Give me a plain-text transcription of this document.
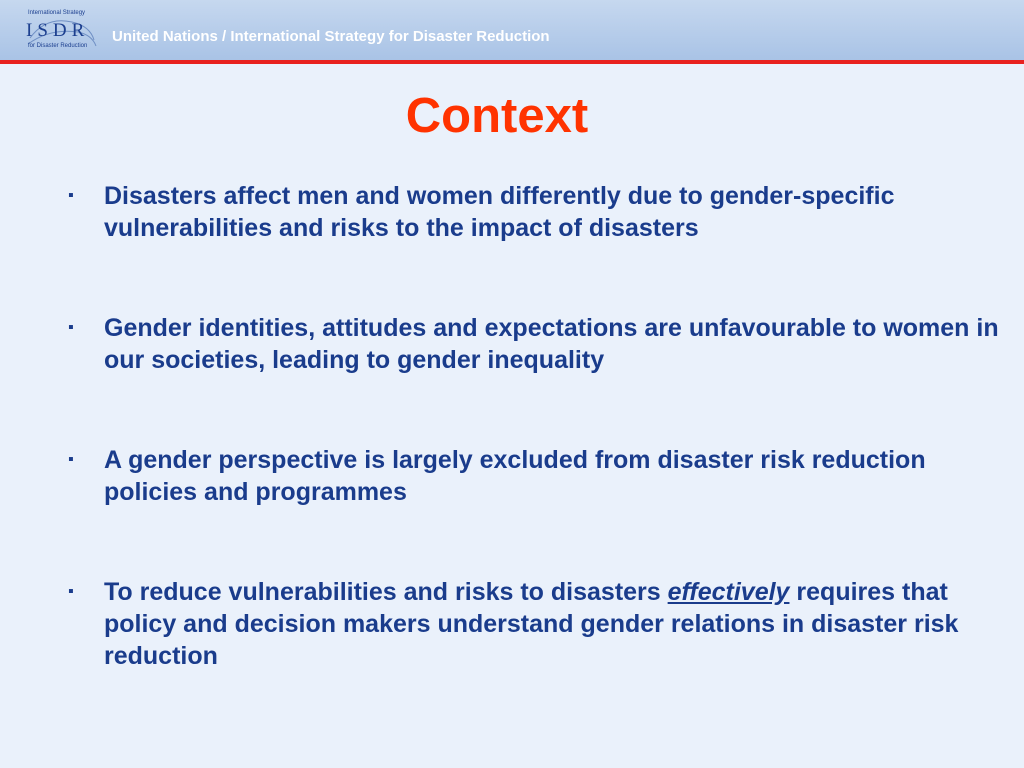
International Strategy
ISDR
for Disaster Reduction
United Nations / International Strategy for Disaster Reduction
Context
▪ Disasters affect men and women differently due to gender-specific vulnerabilities and risks to the impact of disasters
▪ Gender identities, attitudes and expectations are unfavourable to women in our societies, leading to gender inequality
▪ A gender perspective is largely excluded from disaster risk reduction policies and programmes
▪ To reduce vulnerabilities and risks to disasters effectively requires that policy and decision makers understand gender relations in disaster risk reduction
